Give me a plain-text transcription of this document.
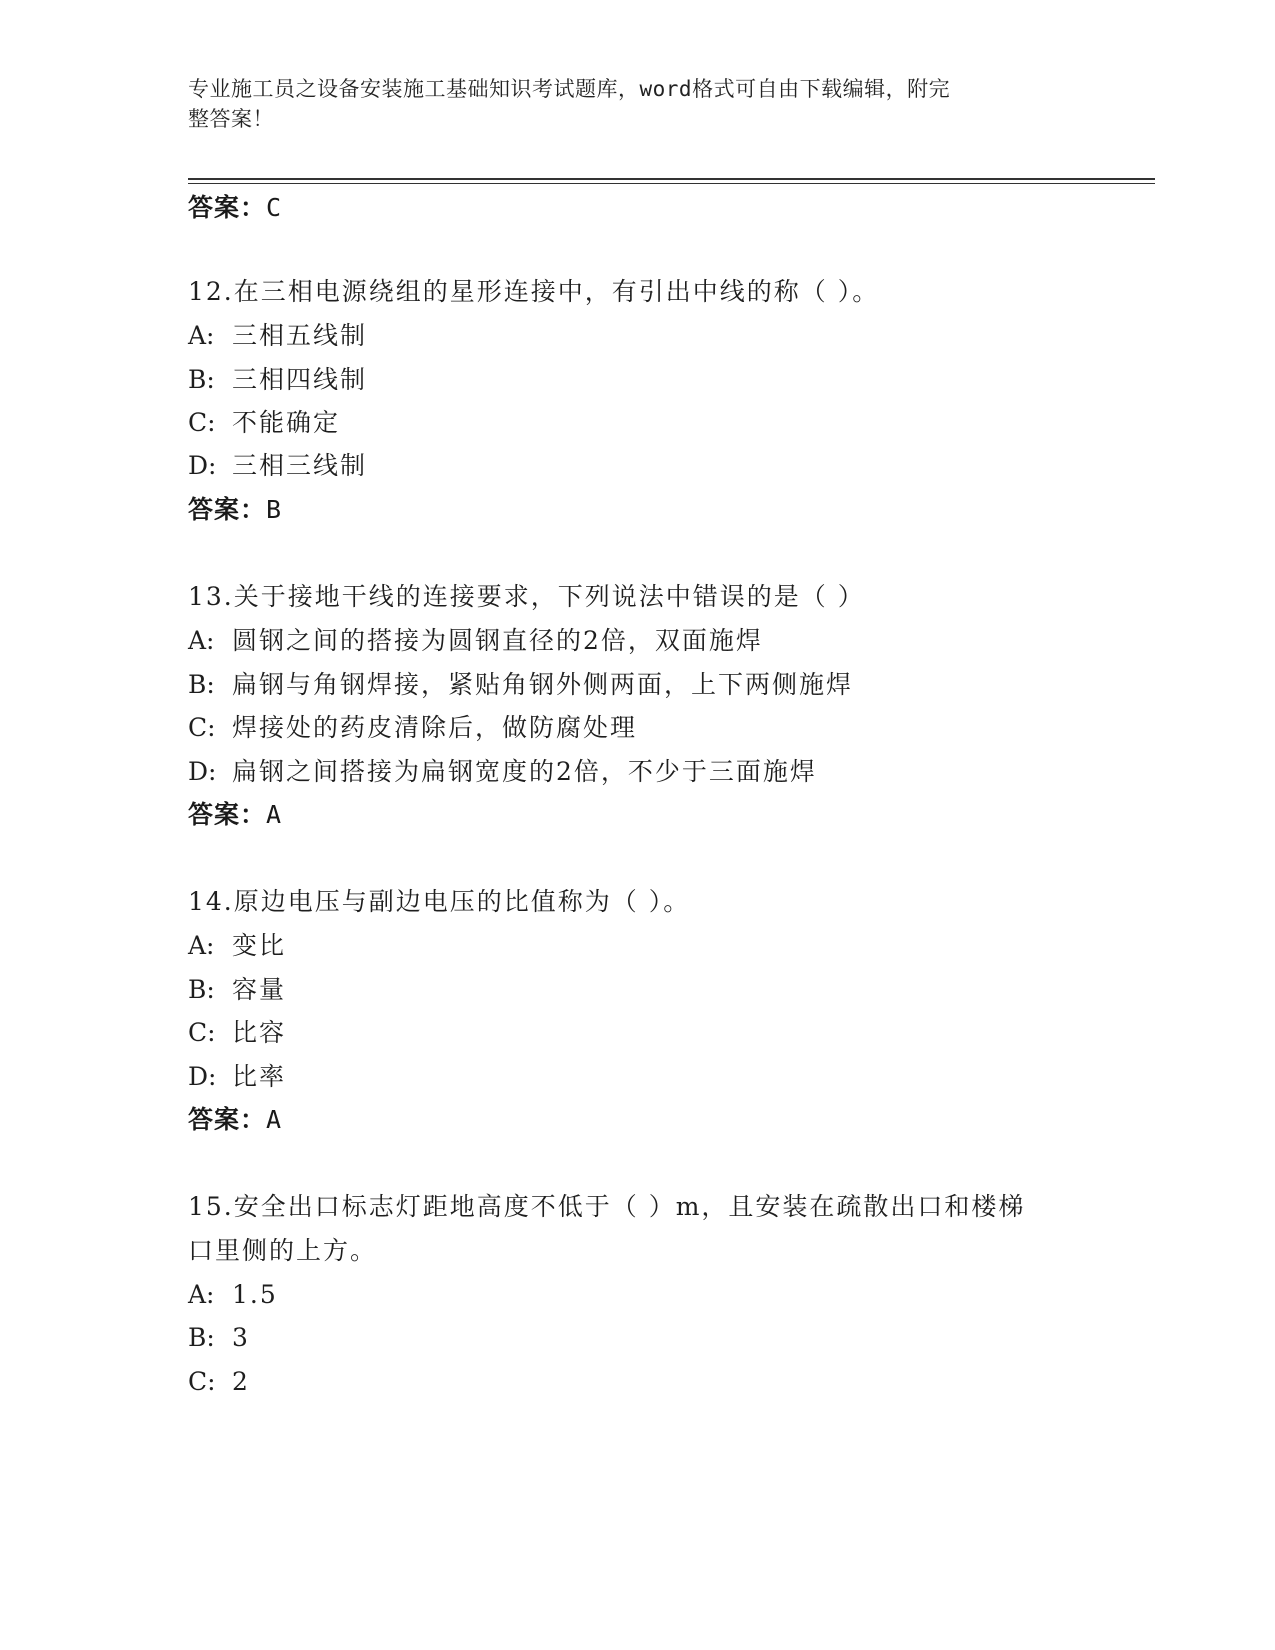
专业施工员之设备安装施工基础知识考试题库，word格式可自由下载编辑，附完
整答案！
答案：C
12.在三相电源绕组的星形连接中，有引出中线的称（ ）。
A: 三相五线制
B: 三相四线制
C: 不能确定
D: 三相三线制
答案：B
13.关于接地干线的连接要求，下列说法中错误的是（ ）
A: 圆钢之间的搭接为圆钢直径的2倍，双面施焊
B: 扁钢与角钢焊接，紧贴角钢外侧两面，上下两侧施焊
C: 焊接处的药皮清除后，做防腐处理
D: 扁钢之间搭接为扁钢宽度的2倍，不少于三面施焊
答案：A
14.原边电压与副边电压的比值称为（ ）。
A: 变比
B: 容量
C: 比容
D: 比率
答案：A
15.安全出口标志灯距地高度不低于（ ）m，且安装在疏散出口和楼梯
口里侧的上方。
A: 1.5
B: 3
C: 2
